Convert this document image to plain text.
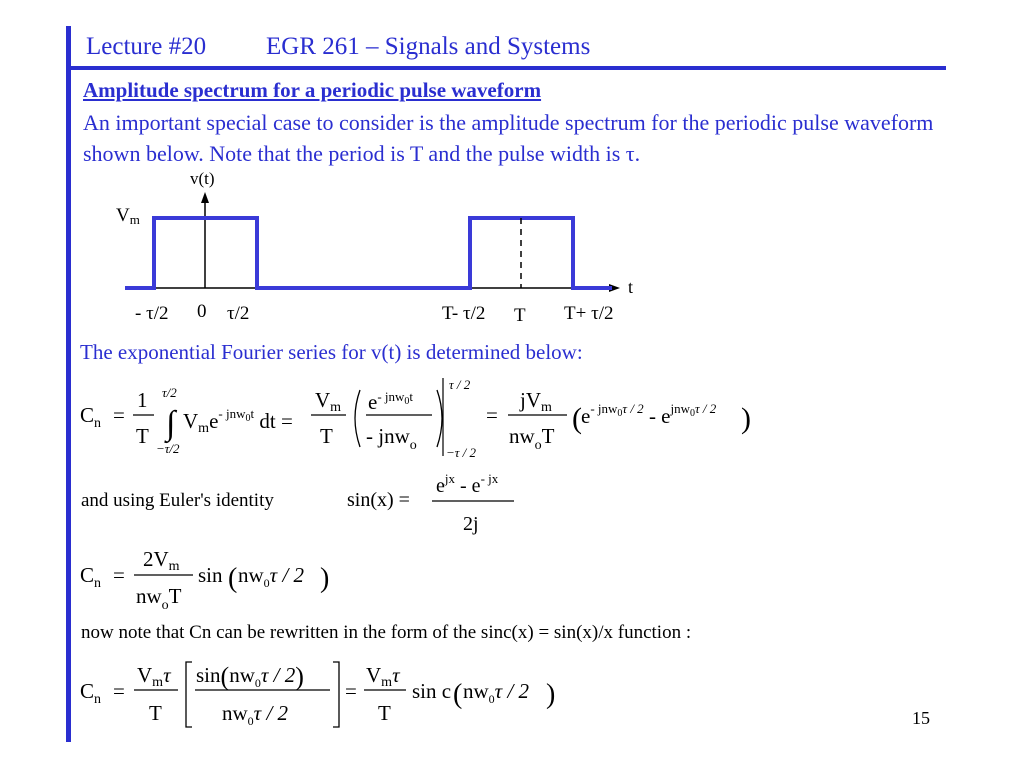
Lecture #20 EGR 261 – Signals and Systems
Amplitude spectrum for a periodic pulse waveform
An important special case to consider is the amplitude spectrum for the periodic pulse waveform shown below. Note that the period is T and the pulse width is τ.
v(t)
Vm
t
- τ/2 0 τ/2	T- τ/2 T T+ τ/2
The exponential Fourier series for v(t) is determined below:
$C_n$ =
1
T
τ/2
∫
−τ/2
Vme$^{- jnw}$0t dt =
Vm
T
$e^{- jnw}0t$
- jnw$_o$
τ / 2
−τ / 2
=
jVm
$nw_oT$
( $e^{- jnw}0\tau / 2 - e^{jnw}0\tau / 2$ )
and using Euler's identity	sin(x) =
$e^{jx} - e^{- jx}$
2j
$C_n$ =
2Vm
$nw_oT$
sin ( $nw_0\tau / 2$ )
now note that Cn can be rewritten in the form of the sinc(x) = sin(x)/x function :
$C_n$ =
Vmτ
T
$\sin(nw_0\tau / 2)$
$nw_0\tau / 2$
=
Vmτ
T
sin c ( $nw_0\tau / 2$ )
15
